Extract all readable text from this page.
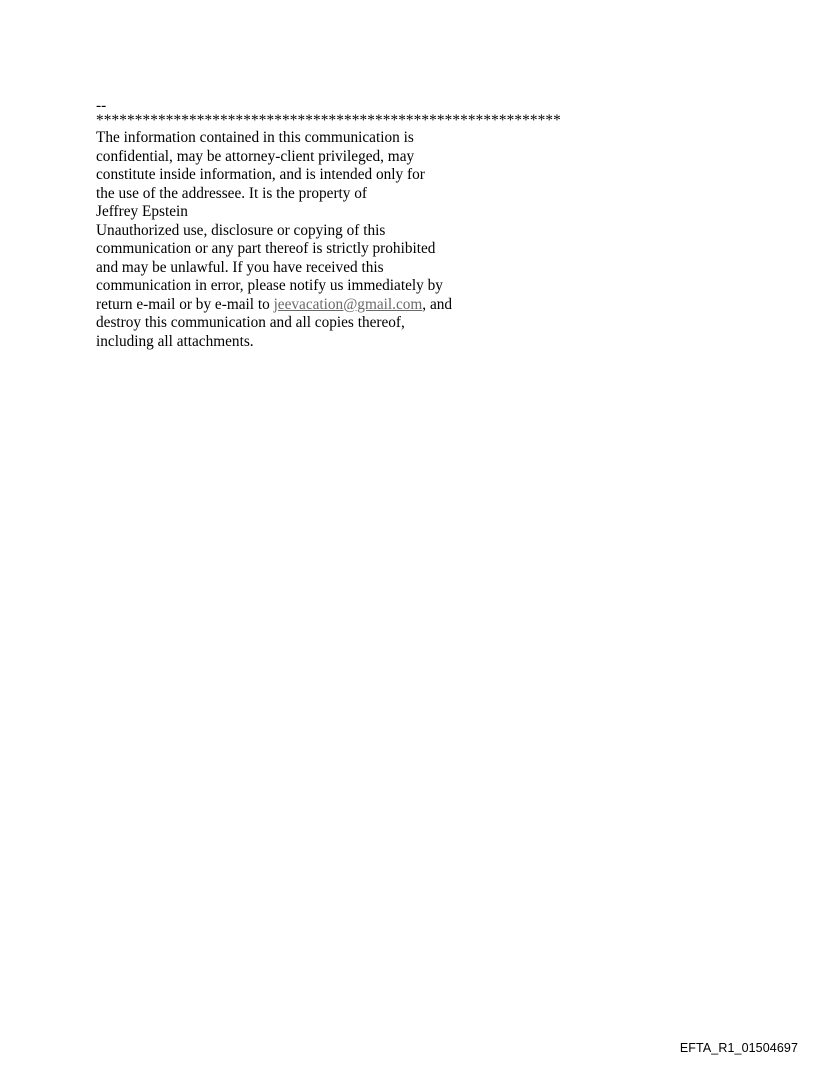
--
************************************************************
The information contained in this communication is
confidential, may be attorney-client privileged, may
constitute inside information, and is intended only for
the use of the addressee. It is the property of
Jeffrey Epstein
Unauthorized use, disclosure or copying of this
communication or any part thereof is strictly prohibited
and may be unlawful. If you have received this
communication in error, please notify us immediately by
return e-mail or by e-mail to jeevacation@gmail.com, and
destroy this communication and all copies thereof,
including all attachments.
EFTA_R1_01504697
